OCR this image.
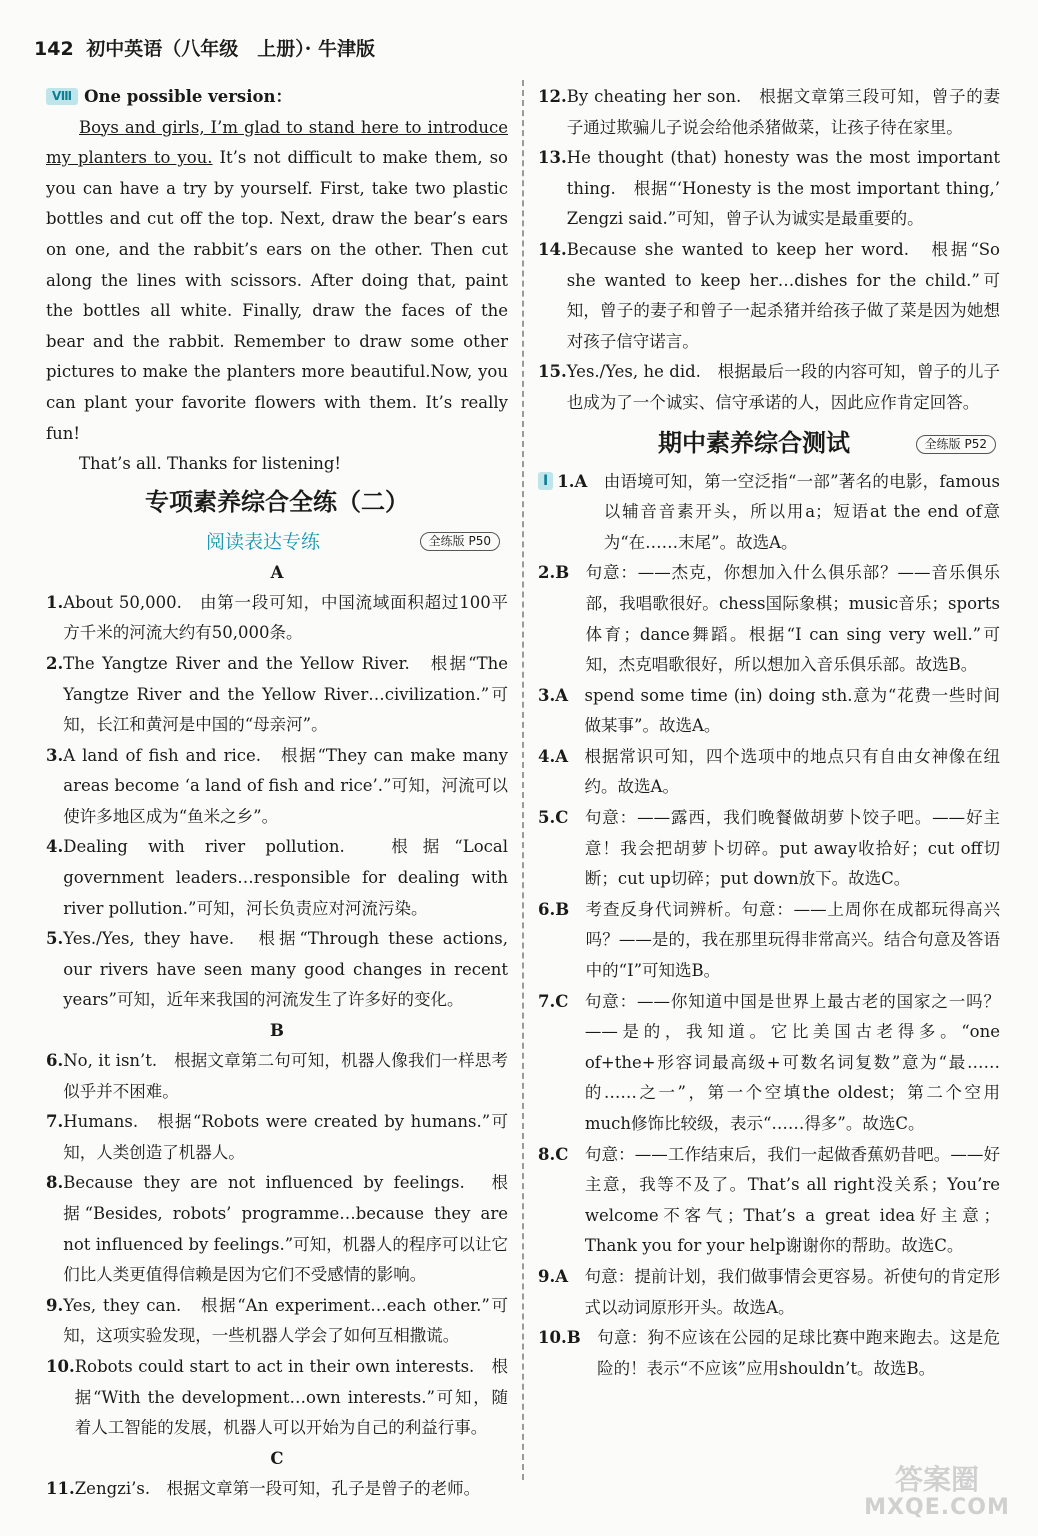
142 初中英语（八年级　上册）· 牛津版

Ⅷ One possible version：

Boys and girls, I’m glad to stand here to introduce my planters to you. It’s not difficult to make them, so you can have a try by yourself. First, take two plastic bottles and cut off the top. Next, draw the bear’s ears on one, and the rabbit’s ears on the other. Then cut along the lines with scissors. After doing that, paint the bottles all white. Finally, draw the faces of the bear and the rabbit. Remember to draw some other pictures to make the planters more beautiful.Now, you can plant your favorite flowers with them. It’s really fun!

That’s all. Thanks for listening!

专项素养综合全练（二）
阅读表达专练	全练版 P50
A
1. About 50,000.　由第一段可知，中国流域面积超过100平方千米的河流大约有50,000条。
2. The Yangtze River and the Yellow River.　根据“The Yangtze River and the Yellow River…civilization.”可知，长江和黄河是中国的“母亲河”。
3. A land of fish and rice.　根据“They can make many areas become ‘a land of fish and rice’.”可知，河流可以使许多地区成为“鱼米之乡”。
4. Dealing with river pollution.　根据“Local government leaders…responsible for dealing with river pollution.”可知，河长负责应对河流污染。
5. Yes./Yes, they have.　根据“Through these actions, our rivers have seen many good changes in recent years”可知，近年来我国的河流发生了许多好的变化。
B
6. No, it isn’t.　根据文章第二句可知，机器人像我们一样思考似乎并不困难。
7. Humans.　根据“Robots were created by humans.”可知，人类创造了机器人。
8. Because they are not influenced by feelings.　根据“Besides, robots’ programme…because they are not influenced by feelings.”可知，机器人的程序可以让它们比人类更值得信赖是因为它们不受感情的影响。
9. Yes, they can.　根据“An experiment…each other.”可知，这项实验发现，一些机器人学会了如何互相撒谎。
10. Robots could start to act in their own interests.　根据“With the development…own interests.”可知，随着人工智能的发展，机器人可以开始为自己的利益行事。
C
11. Zengzi’s.　根据文章第一段可知，孔子是曾子的老师。
12. By cheating her son.　根据文章第三段可知，曾子的妻子通过欺骗儿子说会给他杀猪做菜，让孩子待在家里。
13. He thought (that) honesty was the most important thing.　根据“‘Honesty is the most important thing,’ Zengzi said.”可知，曾子认为诚实是最重要的。
14. Because she wanted to keep her word.　根据“So she wanted to keep her…dishes for the child.”可知，曾子的妻子和曾子一起杀猪并给孩子做了菜是因为她想对孩子信守诺言。
15. Yes./Yes, he did.　根据最后一段的内容可知，曾子的儿子也成为了一个诚实、信守承诺的人，因此应作肯定回答。
期中素养综合测试	全练版 P52
Ⅰ 1.A　	由语境可知，第一空泛指“一部”著名的电影，famous以辅音音素开头，所以用a；短语at the end of意为“在……末尾”。故选A。
2.B　	句意：——杰克，你想加入什么俱乐部？——音乐俱乐部，我唱歌很好。chess国际象棋；music音乐；sports体育；dance舞蹈。根据“I can sing very well.”可知，杰克唱歌很好，所以想加入音乐俱乐部。故选B。
3.A　	spend some time (in) doing sth.意为“花费一些时间做某事”。故选A。
4.A　	根据常识可知，四个选项中的地点只有自由女神像在纽约。故选A。
5.C　	句意：——露西，我们晚餐做胡萝卜饺子吧。——好主意！我会把胡萝卜切碎。put away收拾好；cut off切断；cut up切碎；put down放下。故选C。
6.B　	考查反身代词辨析。句意：——上周你在成都玩得高兴吗？——是的，我在那里玩得非常高兴。结合句意及答语中的“I”可知选B。
7.C　	句意：——你知道中国是世界上最古老的国家之一吗？——是的，我知道。它比美国古老得多。“one of+the+形容词最高级+可数名词复数”意为“最……的……之一”，第一个空填the oldest；第二个空用much修饰比较级，表示“……得多”。故选C。
8.C　	句意：——工作结束后，我们一起做香蕉奶昔吧。——好主意，我等不及了。That’s all right没关系；You’re welcome不客气；That’s a great idea好主意；Thank you for your help谢谢你的帮助。故选C。
9.A　	句意：提前计划，我们做事情会更容易。祈使句的肯定形式以动词原形开头。故选A。
10.B　	句意：狗不应该在公园的足球比赛中跑来跑去。这是危险的！表示“不应该”应用shouldn’t。故选B。
答案圈
MXQE.COM
